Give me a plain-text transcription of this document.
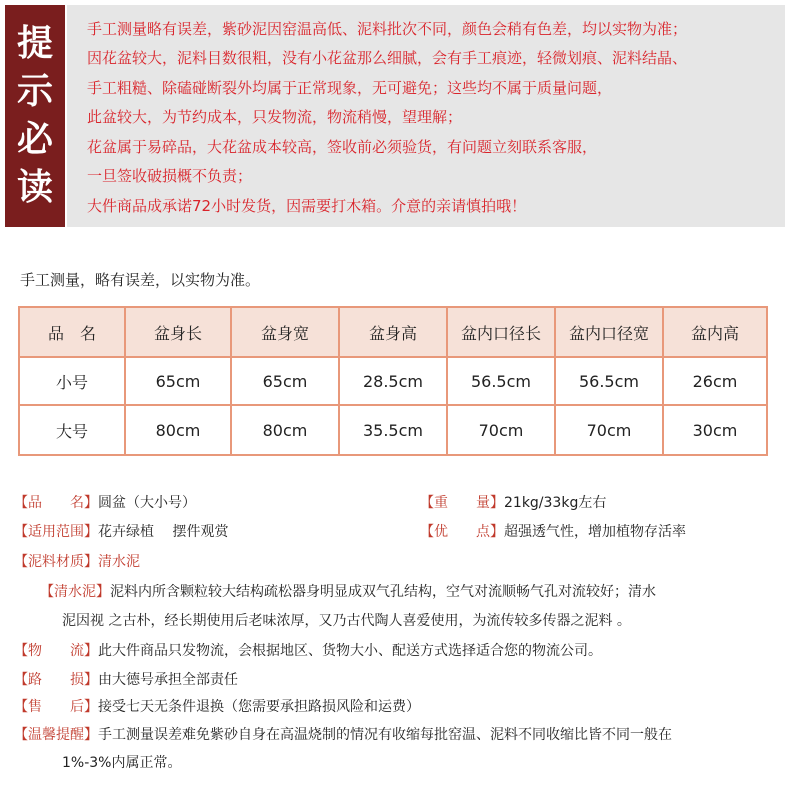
提
示
必
读
手工测量略有误差，紫砂泥因窑温高低、泥料批次不同，颜色会稍有色差，均以实物为准；
因花盆较大，泥料目数很粗，没有小花盆那么细腻，会有手工痕迹，轻微划痕、泥料结晶、
手工粗糙、除磕碰断裂外均属于正常现象，无可避免；这些均不属于质量问题，
此盆较大，为节约成本，只发物流，物流稍慢，望理解；
花盆属于易碎品，大花盆成本较高，签收前必须验货，有问题立刻联系客服，
一旦签收破损概不负责；
大件商品成承诺72小时发货，因需要打木箱。介意的亲请慎拍哦！
手工测量，略有误差，以实物为准。
品　名	盆身长	盆身宽	盆身高	盆内口径长	盆内口径宽	盆内高
小号	65cm	65cm	28.5cm	56.5cm	56.5cm	26cm
大号	80cm	80cm	35.5cm	70cm	70cm	30cm
【品　　名】圆盆（大小号）	【重　　量】21kg/33kg左右
【适用范围】花卉绿植　 摆件观赏	【优　　点】超强透气性，增加植物存活率
【泥料材质】清水泥
【清水泥】泥料内所含颗粒较大结构疏松器身明显成双气孔结构，空气对流顺畅气孔对流较好；清水
泥因视 之古朴，经长期使用后老味浓厚，又乃古代陶人喜爱使用，为流传较多传器之泥料 。
【物　　流】此大件商品只发物流，会根据地区、货物大小、配送方式选择适合您的物流公司。
【路　　损】由大德号承担全部责任
【售　　后】接受七天无条件退换（您需要承担路损风险和运费）
【温馨提醒】手工测量误差难免紫砂自身在高温烧制的情况有收缩每批窑温、泥料不同收缩比皆不同一般在
1%-3%内属正常。
